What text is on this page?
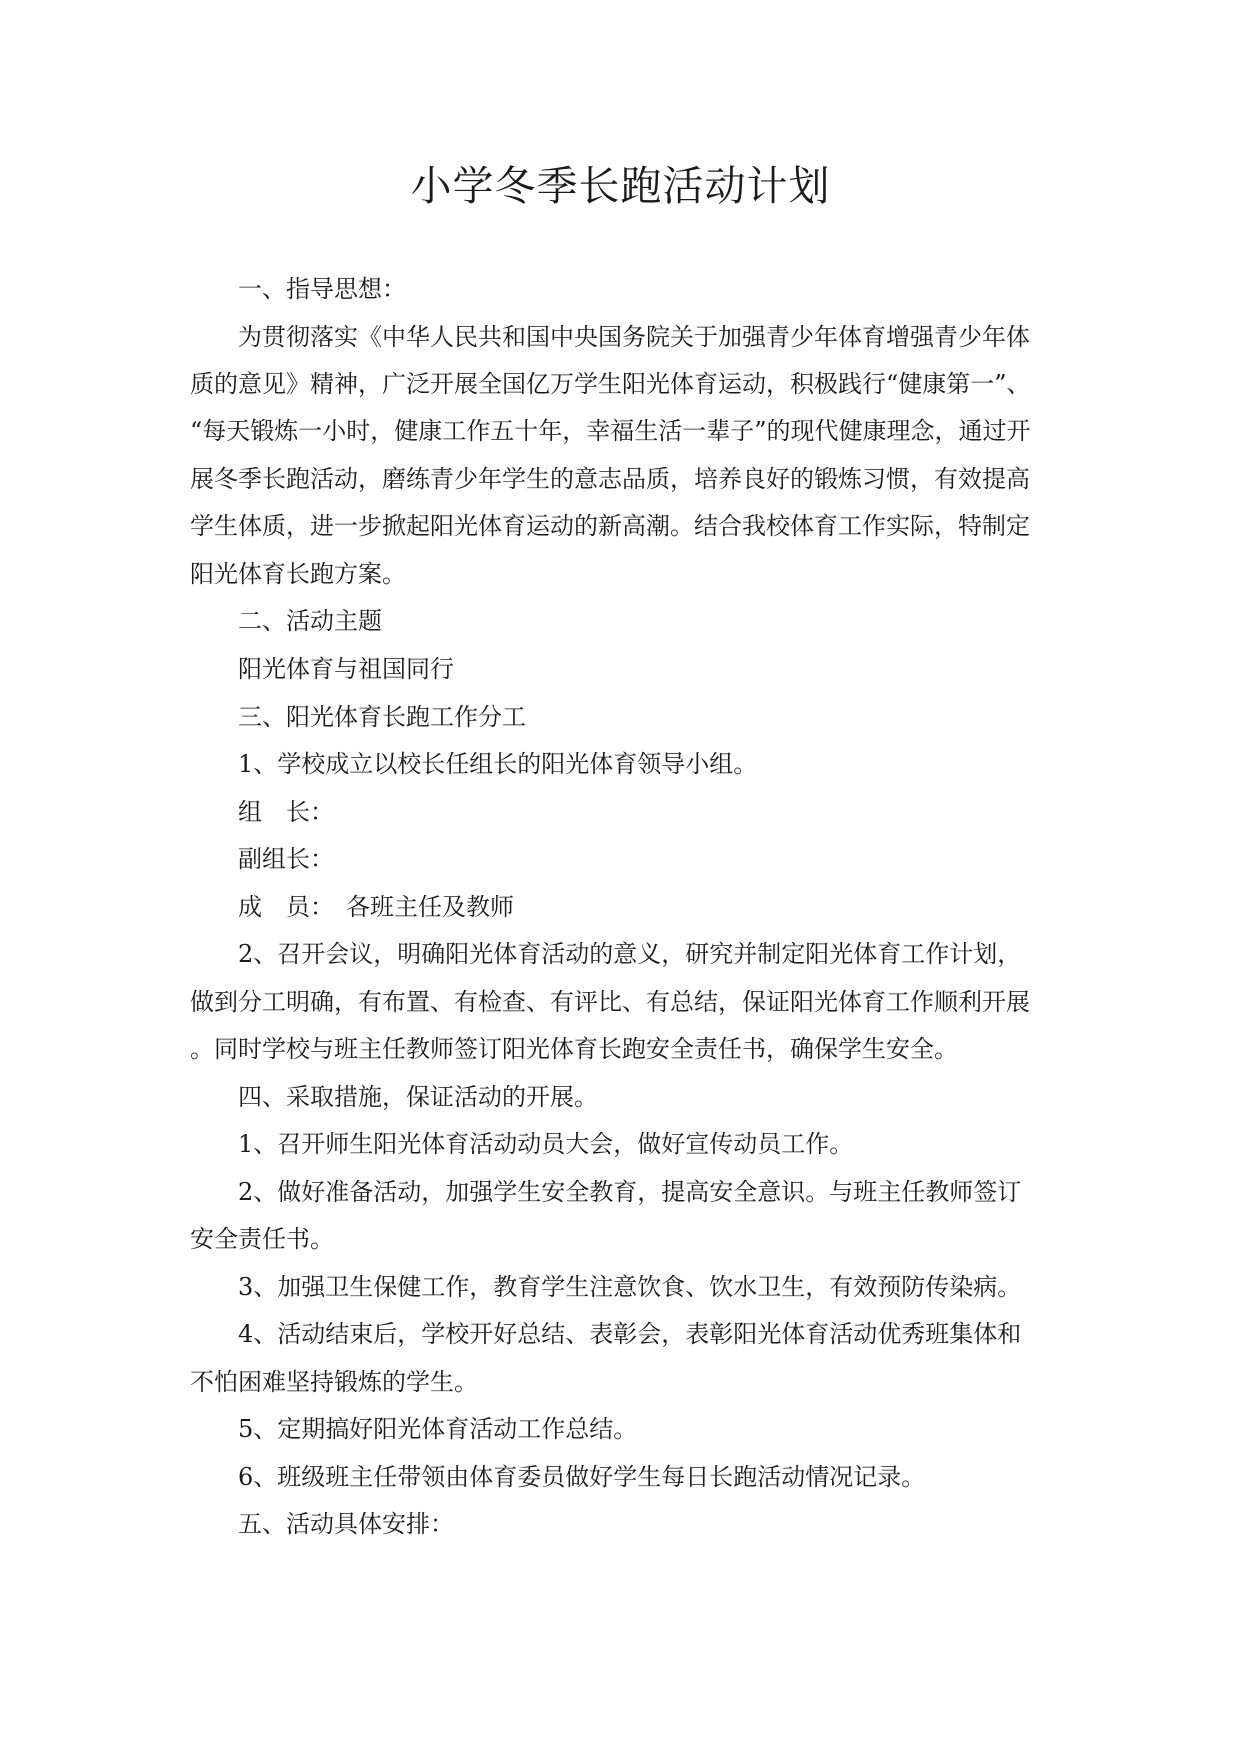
小学冬季长跑活动计划
一、指导思想：
为贯彻落实《中华人民共和国中央国务院关于加强青少年体育增强青少年体
质的意见》精神，广泛开展全国亿万学生阳光体育运动，积极践行“健康第一”、
“每天锻炼一小时，健康工作五十年，幸福生活一辈子”的现代健康理念，通过开
展冬季长跑活动，磨练青少年学生的意志品质，培养良好的锻炼习惯，有效提高
学生体质，进一步掀起阳光体育运动的新高潮。结合我校体育工作实际，特制定
阳光体育长跑方案。
二、活动主题
阳光体育与祖国同行
三、阳光体育长跑工作分工
1、学校成立以校长任组长的阳光体育领导小组。
组　长：
副组长：
成　员：　各班主任及教师
2、召开会议，明确阳光体育活动的意义，研究并制定阳光体育工作计划，
做到分工明确，有布置、有检查、有评比、有总结，保证阳光体育工作顺利开展
。同时学校与班主任教师签订阳光体育长跑安全责任书，确保学生安全。
四、采取措施，保证活动的开展。
1、召开师生阳光体育活动动员大会，做好宣传动员工作。
2、做好准备活动，加强学生安全教育，提高安全意识。与班主任教师签订
安全责任书。
3、加强卫生保健工作，教育学生注意饮食、饮水卫生，有效预防传染病。
4、活动结束后，学校开好总结、表彰会，表彰阳光体育活动优秀班集体和
不怕困难坚持锻炼的学生。
5、定期搞好阳光体育活动工作总结。
6、班级班主任带领由体育委员做好学生每日长跑活动情况记录。
五、活动具体安排：
